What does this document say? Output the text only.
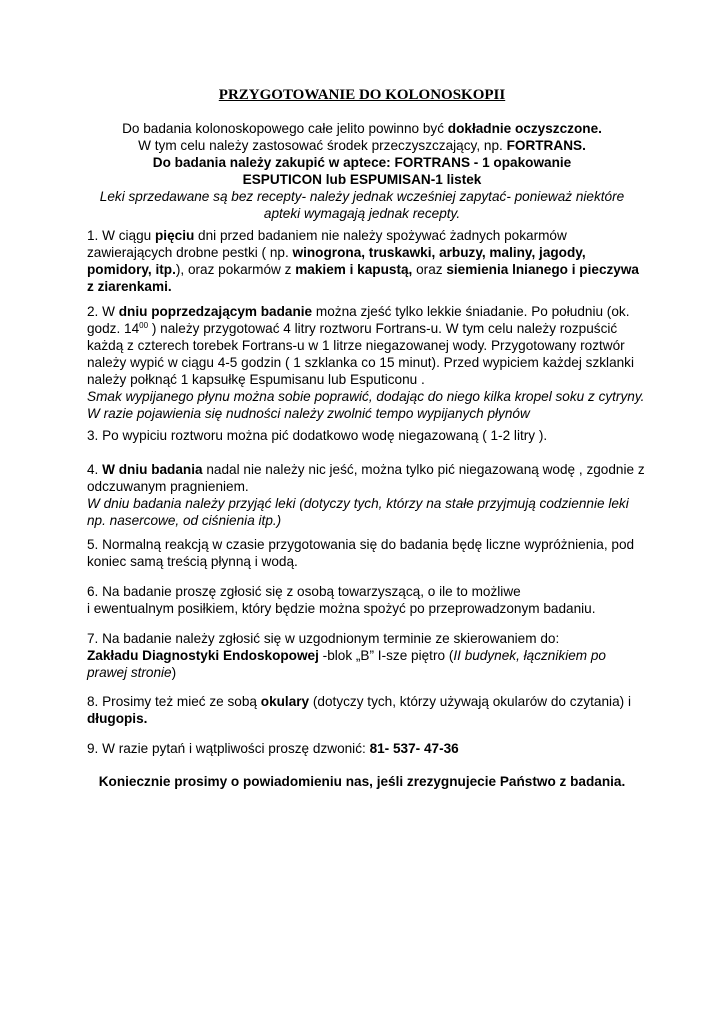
PRZYGOTOWANIE DO KOLONOSKOPII
Do badania kolonoskopowego całe jelito powinno być dokładnie oczyszczone.
W tym celu należy zastosować środek przeczyszczający, np. FORTRANS.
Do badania należy zakupić w aptece: FORTRANS - 1 opakowanie
ESPUTICON lub ESPUMISAN-1 listek
Leki sprzedawane są bez recepty- należy jednak wcześniej zapytać- ponieważ niektóre
apteki wymagają jednak recepty.
1. W ciągu pięciu dni przed badaniem nie należy spożywać żadnych pokarmów zawierających drobne pestki ( np. winogrona, truskawki, arbuzy, maliny, jagody, pomidory, itp.), oraz pokarmów z makiem i kapustą, oraz siemienia lnianego i pieczywa z ziarenkami.
2. W dniu poprzedzającym badanie można zjeść tylko lekkie śniadanie. Po południu (ok. godz. $14^{00}$ ) należy przygotować 4 litry roztworu Fortrans-u. W tym celu należy rozpuścić każdą z czterech torebek Fortrans-u w 1 litrze niegazowanej wody. Przygotowany roztwór należy wypić w ciągu 4-5 godzin ( 1 szklanka co 15 minut). Przed wypiciem każdej szklanki należy połknąć 1 kapsułkę Espumisanu lub Esputiconu .
Smak wypijanego płynu można sobie poprawić, dodając do niego kilka kropel soku z cytryny. W razie pojawienia się nudności należy zwolnić tempo wypijanych płynów
3. Po wypiciu roztworu można pić dodatkowo wodę niegazowaną ( 1-2 litry ).
4. W dniu badania nadal nie należy nic jeść, można tylko pić niegazowaną wodę , zgodnie z odczuwanym pragnieniem.
W dniu badania należy przyjąć leki (dotyczy tych, którzy na stałe przyjmują codziennie leki np. nasercowe, od ciśnienia itp.)
5. Normalną reakcją w czasie przygotowania się do badania będę liczne wypróżnienia, pod koniec samą treścią płynną i wodą.
6. Na badanie proszę zgłosić się z osobą towarzyszącą, o ile to możliwe
i ewentualnym posiłkiem, który będzie można spożyć po przeprowadzonym badaniu.
7. Na badanie należy zgłosić się w uzgodnionym terminie ze skierowaniem do:
Zakładu Diagnostyki Endoskopowej -blok „B” I-sze piętro (II budynek, łącznikiem po prawej stronie)
8. Prosimy też mieć ze sobą okulary (dotyczy tych, którzy używają okularów do czytania) i długopis.
9. W razie pytań i wątpliwości proszę dzwonić: 81- 537- 47-36
Koniecznie prosimy o powiadomieniu nas, jeśli zrezygnujecie Państwo z badania.
